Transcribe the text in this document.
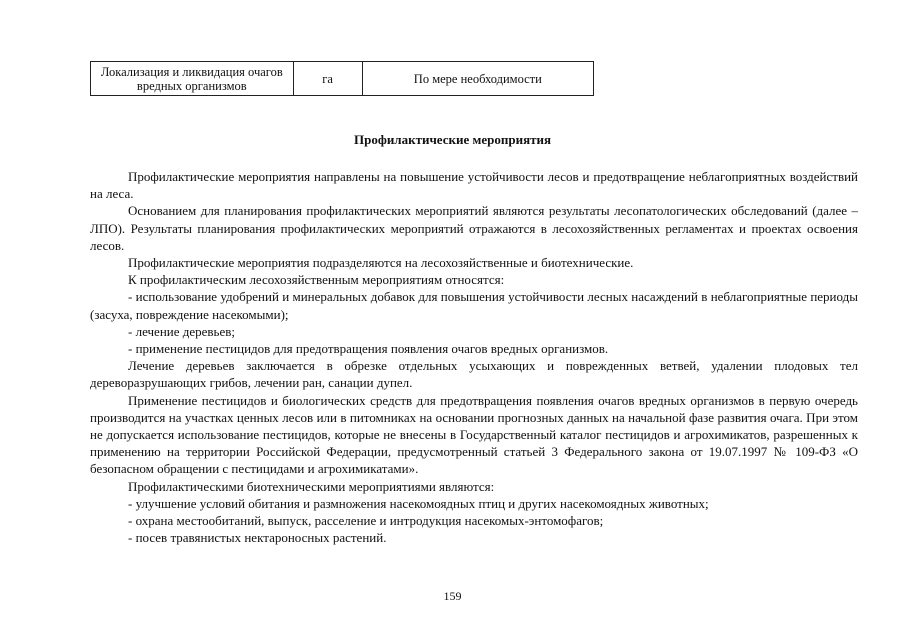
Локализация и ликвидация очагов вредных организмов	га	По мере необходимости
Профилактические мероприятия

Профилактические мероприятия направлены на повышение устойчивости лесов и предотвращение неблагоприятных воздействий на леса.

Основанием для планирования профилактических мероприятий являются результаты лесопатологических обследований (далее – ЛПО). Результаты планирования профилактических мероприятий отражаются в лесохозяйственных регламентах и проектах освоения лесов.

Профилактические мероприятия подразделяются на лесохозяйственные и биотехнические.

К профилактическим лесохозяйственным мероприятиям относятся:

- использование удобрений и минеральных добавок для повышения устойчивости лесных насаждений в неблагоприятные периоды (засуха, повреждение насекомыми);

- лечение деревьев;

- применение пестицидов для предотвращения появления очагов вредных организмов.

Лечение деревьев заключается в обрезке отдельных усыхающих и поврежденных ветвей, удалении плодовых тел дереворазрушающих грибов, лечении ран, санации дупел.

Применение пестицидов и биологических средств для предотвращения появления очагов вредных организмов в первую очередь производится на участках ценных лесов или в питомниках на основании прогнозных данных на начальной фазе развития очага. При этом не допускается использование пестицидов, которые не внесены в Государственный каталог пестицидов и агрохимикатов, разрешенных к применению на территории Российской Федерации, предусмотренный статьей 3 Федерального закона от 19.07.1997 № 109-ФЗ «О безопасном обращении с пестицидами и агрохимикатами».

Профилактическими биотехническими мероприятиями являются:

- улучшение условий обитания и размножения насекомоядных птиц и других насекомоядных животных;

- охрана местообитаний, выпуск, расселение и интродукция насекомых-энтомофагов;

- посев травянистых нектароносных растений.

159
